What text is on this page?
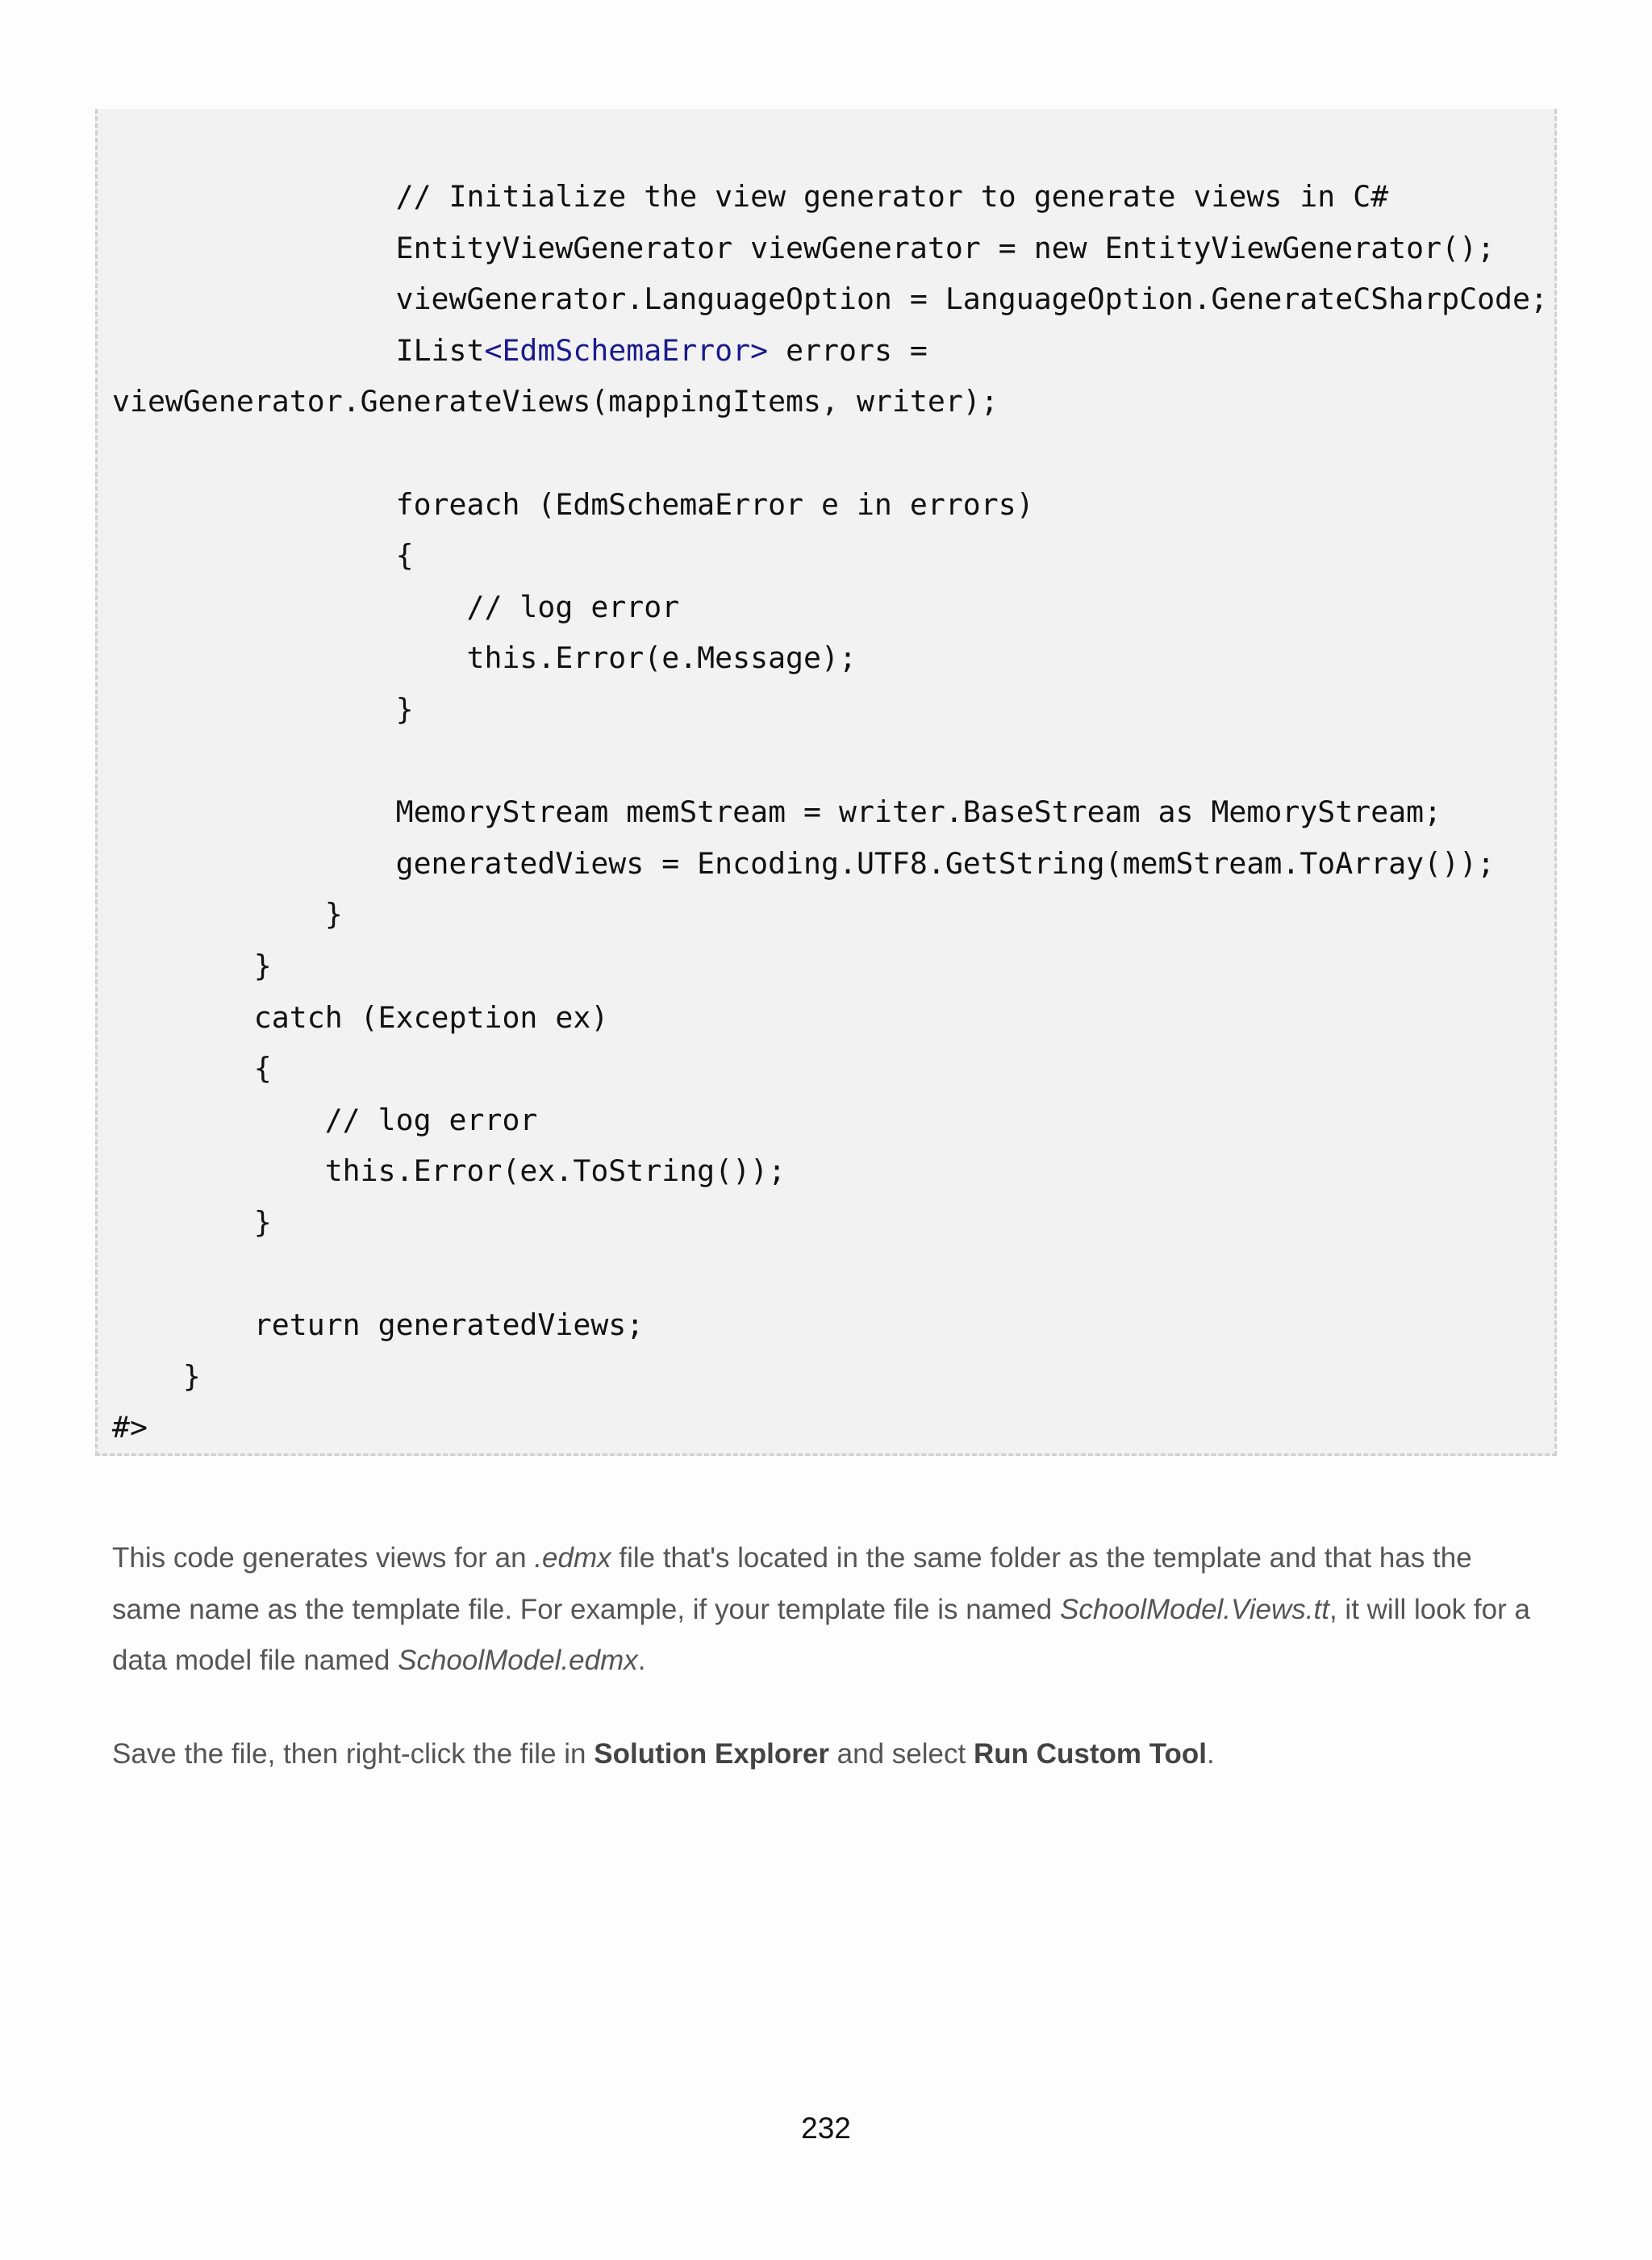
// Initialize the view generator to generate views in C#
EntityViewGenerator viewGenerator = new EntityViewGenerator();
viewGenerator.LanguageOption = LanguageOption.GenerateCSharpCode;
IList<EdmSchemaError> errors =
viewGenerator.GenerateViews(mappingItems, writer);
foreach (EdmSchemaError e in errors)
{
// log error
this.Error(e.Message);
}
MemoryStream memStream = writer.BaseStream as MemoryStream;
generatedViews = Encoding.UTF8.GetString(memStream.ToArray());
}
}
catch (Exception ex)
{
// log error
this.Error(ex.ToString());
}
return generatedViews;
}
#>

This code generates views for an .edmx file that's located in the same folder as the template and that has the same name as the template file. For example, if your template file is named SchoolModel.Views.tt, it will look for a data model file named SchoolModel.edmx.

Save the file, then right-click the file in Solution Explorer and select Run Custom Tool.

232
